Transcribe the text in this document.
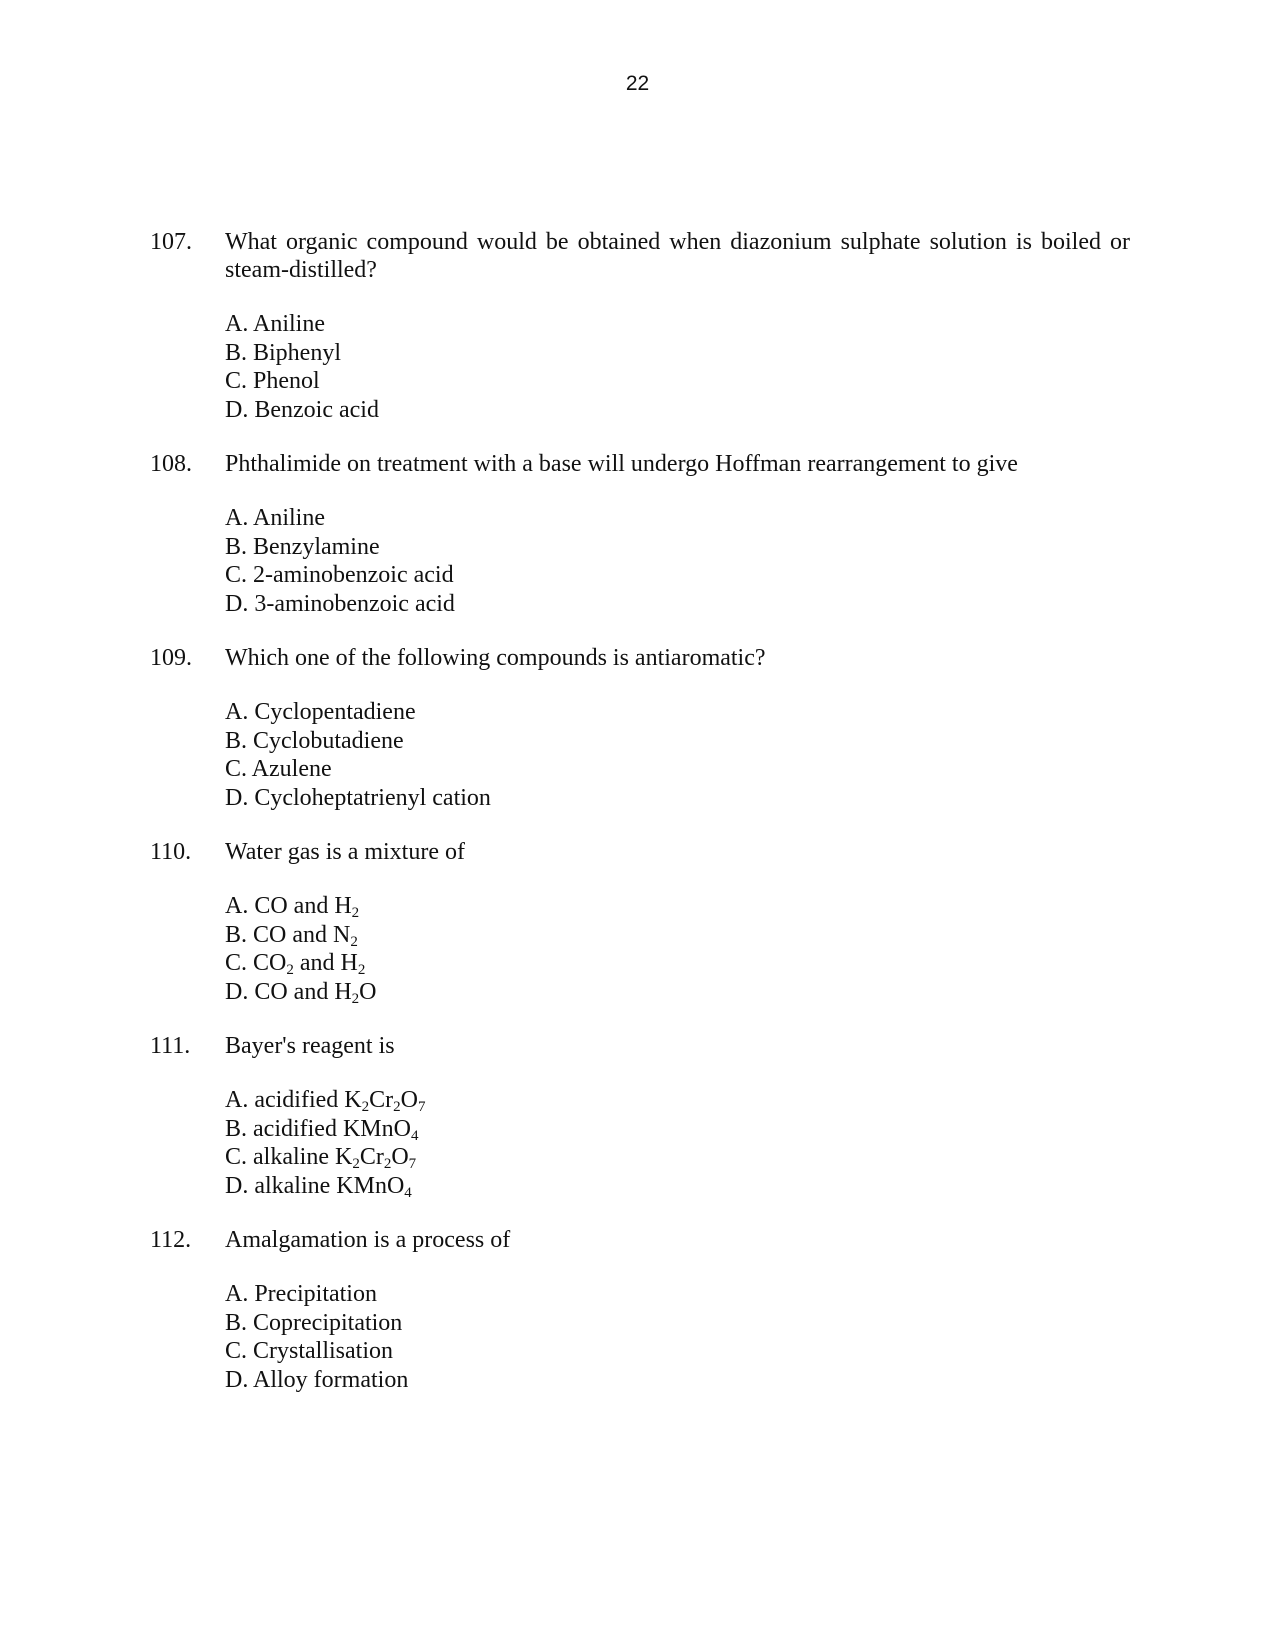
22
107. What organic compound would be obtained when diazonium sulphate solution is boiled or steam-distilled?

A. Aniline
B. Biphenyl
C. Phenol
D. Benzoic acid
108. Phthalimide on treatment with a base will undergo Hoffman rearrangement to give

A. Aniline
B. Benzylamine
C. 2-aminobenzoic acid
D. 3-aminobenzoic acid
109. Which one of the following compounds is antiaromatic?

A. Cyclopentadiene
B. Cyclobutadiene
C. Azulene
D. Cycloheptatrienyl cation
110. Water gas is a mixture of

A. CO and $H_2$
B. CO and $N_2$
C. $CO_2$ and $H_2$
D. CO and $H_2O$
111. Bayer's reagent is

A. acidified $K_2Cr_2O_7$
B. acidified KMnO$_4$
C. alkaline $K_2Cr_2O_7$
D. alkaline KMnO$_4$
112. Amalgamation is a process of

A. Precipitation
B. Coprecipitation
C. Crystallisation
D. Alloy formation
